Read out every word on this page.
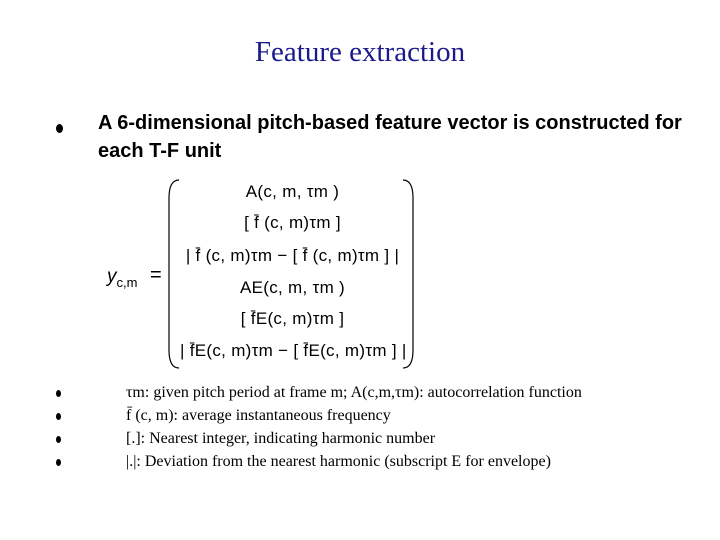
Feature extraction
A 6-dimensional pitch-based feature vector is constructed for each T-F unit
$y_{c,m}$ =
A(c, m, τm )
[ f̄ (c, m)τm ]
| f̄ (c, m)τm − [ f̄ (c, m)τm ] |
AE(c, m, τm )
[ f̄E(c, m)τm ]
| f̄E(c, m)τm − [ f̄E(c, m)τm ] |
τm: given pitch period at frame m; A(c,m,τm): autocorrelation function
f̄ (c, m): average instantaneous frequency
[.]: Nearest integer, indicating harmonic number
|.|: Deviation from the nearest harmonic (subscript E for envelope)
